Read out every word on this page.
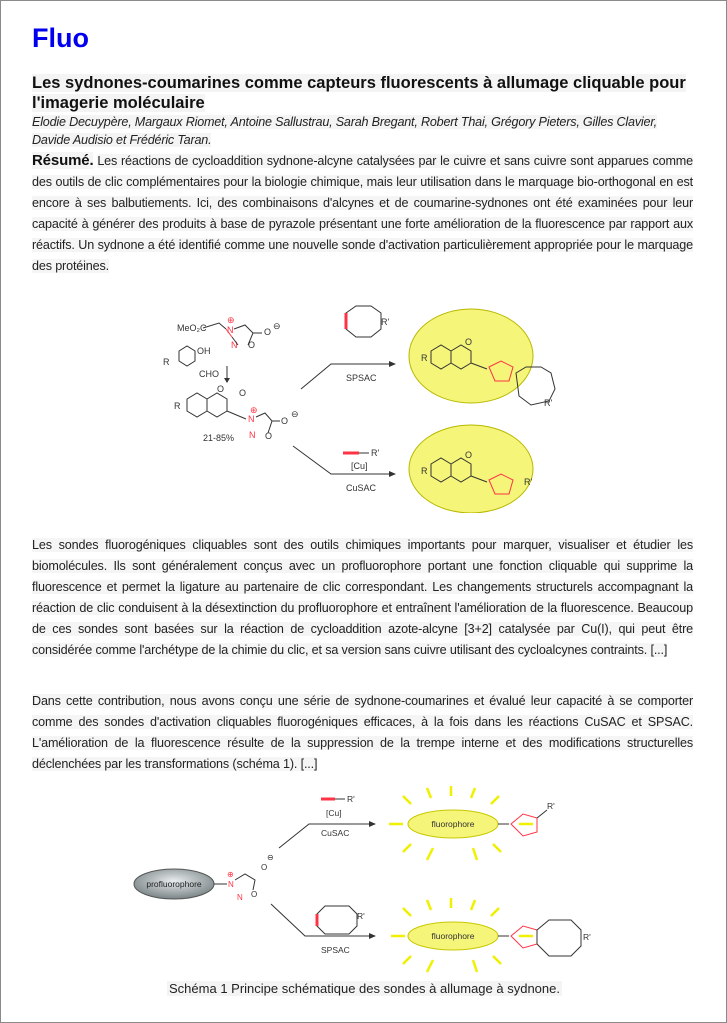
Fluo
Les sydnones-coumarines comme capteurs fluorescents à allumage cliquable pour l'imagerie moléculaire

Elodie Decuypère, Margaux Riomet, Antoine Sallustrau, Sarah Bregant, Robert Thai, Grégory Pieters, Gilles Clavier, Davide Audisio et Frédéric Taran.

Résumé. Les réactions de cycloaddition sydnone-alcyne catalysées par le cuivre et sans cuivre sont apparues comme des outils de clic complémentaires pour la biologie chimique, mais leur utilisation dans le marquage bio-orthogonal en est encore à ses balbutiements. Ici, des combinaisons d'alcynes et de coumarine-sydnones ont été examinées pour leur capacité à générer des produits à base de pyrazole présentant une forte amélioration de la fluorescence par rapport aux réactifs. Un sydnone a été identifié comme une nouvelle sonde d'activation particulièrement appropriée pour le marquage des protéines.

MeO₂C
⊕
N
N O
O
⊖
R
OH
CHO
R
O O
⊕
N
N O
O
⊖
21-85%
R'
SPSAC
R'
[Cu]
CuSAC
R
R
R'
R'
O
O

Les sondes fluorogéniques cliquables sont des outils chimiques importants pour marquer, visualiser et étudier les biomolécules. Ils sont généralement conçus avec un profluorophore portant une fonction cliquable qui supprime la fluorescence et permet la ligature au partenaire de clic correspondant. Les changements structurels accompagnant la réaction de clic conduisent à la désextinction du profluorophore et entraînent l'amélioration de la fluorescence. Beaucoup de ces sondes sont basées sur la réaction de cycloaddition azote-alcyne [3+2] catalysée par Cu(I), qui peut être considérée comme l'archétype de la chimie du clic, et sa version sans cuivre utilisant des cycloalcynes contraints. [...]

Dans cette contribution, nous avons conçu une série de sydnone-coumarines et évalué leur capacité à se comporter comme des sondes d'activation cliquables fluorogéniques efficaces, à la fois dans les réactions CuSAC et SPSAC. L'amélioration de la fluorescence résulte de la suppression de la trempe interne et des modifications structurelles déclenchées par les transformations (schéma 1). [...]

profluorophore
⊕
N
N O
O
⊖
R'
[Cu]
CuSAC
R'
SPSAC
fluorophore
fluorophore
R'
R'
Schéma 1 Principe schématique des sondes à allumage à sydnone.
